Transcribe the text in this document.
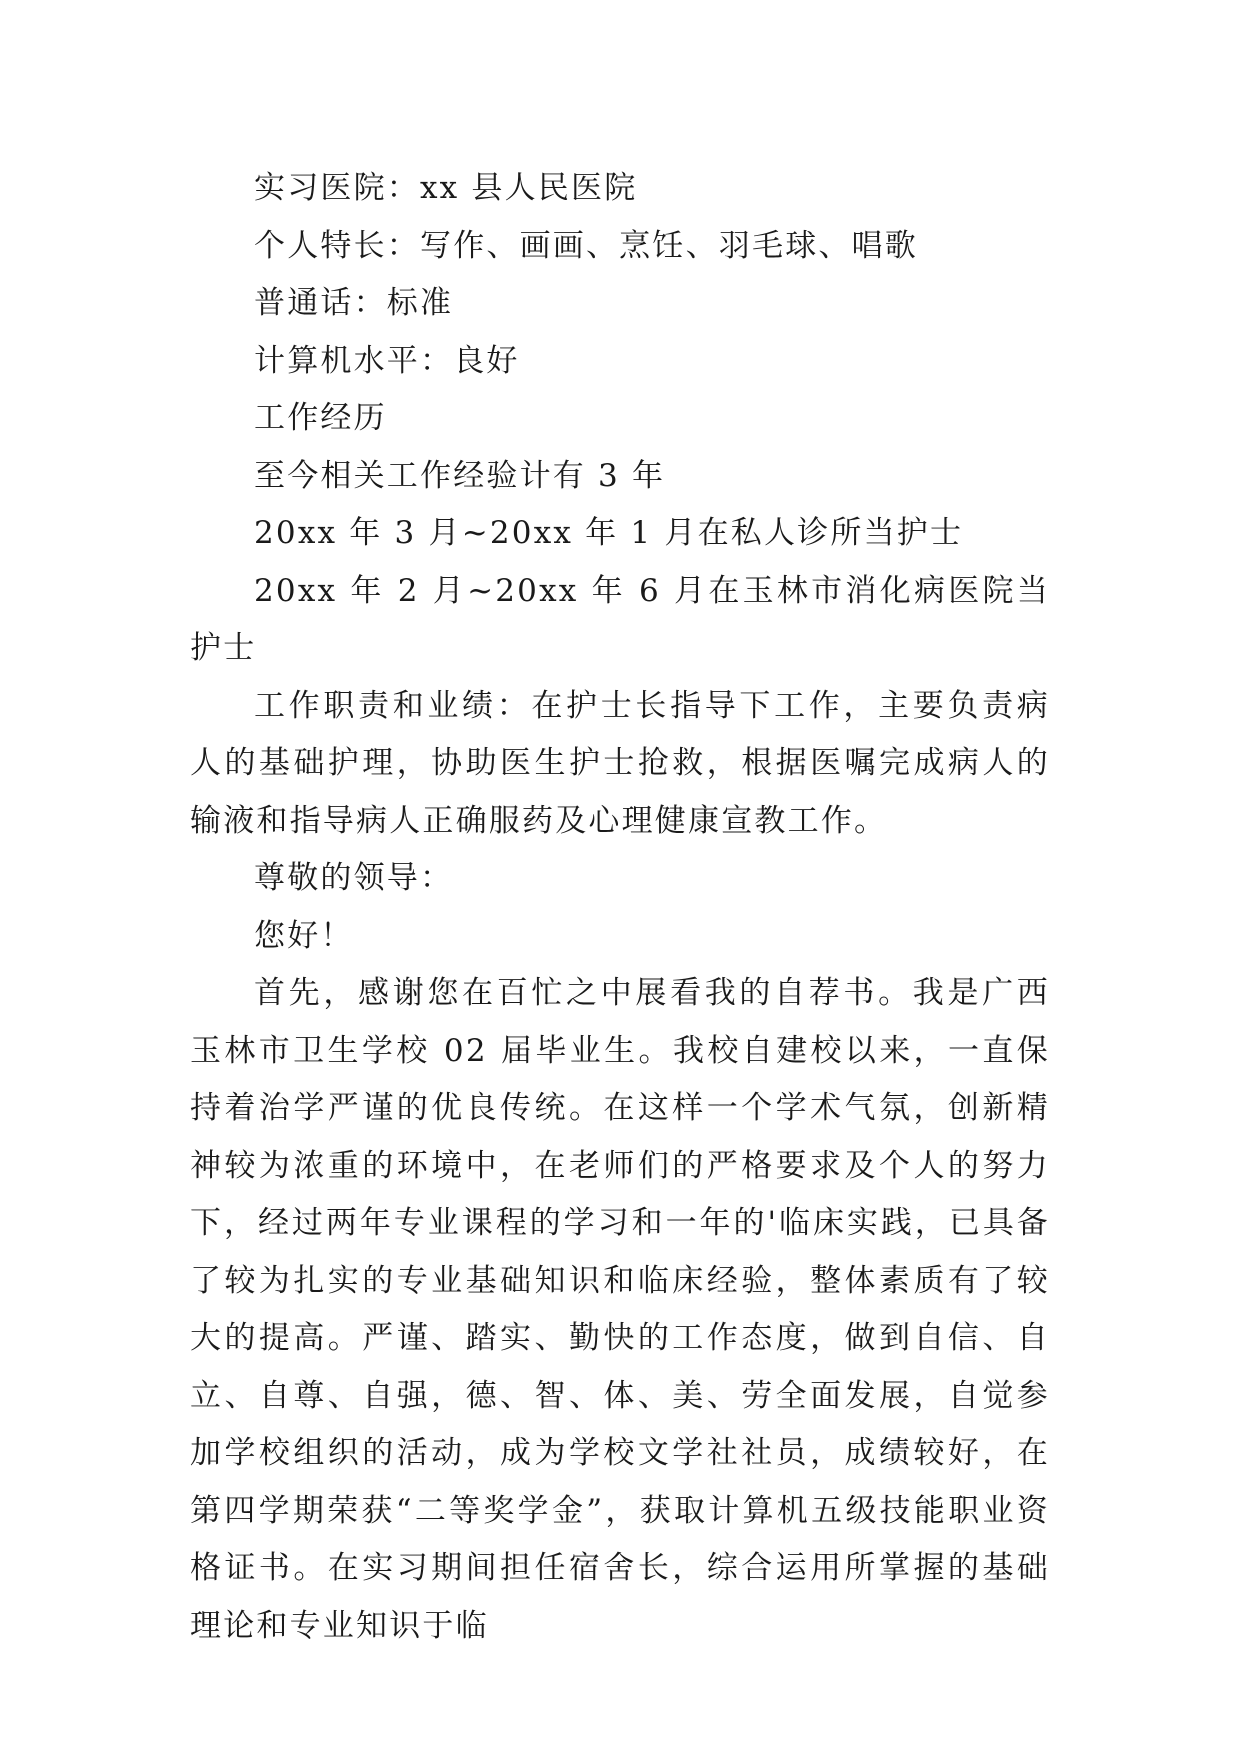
实习医院：xx 县人民医院

个人特长：写作、画画、烹饪、羽毛球、唱歌

普通话：标准

计算机水平：良好

工作经历

至今相关工作经验计有 3 年

20xx 年 3 月~20xx 年 1 月在私人诊所当护士

20xx 年 2 月~20xx 年 6 月在玉林市消化病医院当护士

工作职责和业绩：在护士长指导下工作，主要负责病人的基础护理，协助医生护士抢救，根据医嘱完成病人的输液和指导病人正确服药及心理健康宣教工作。

尊敬的领导：

您好！

首先，感谢您在百忙之中展看我的自荐书。我是广西玉林市卫生学校 02 届毕业生。我校自建校以来，一直保持着治学严谨的优良传统。在这样一个学术气氛，创新精神较为浓重的环境中，在老师们的严格要求及个人的努力下，经过两年专业课程的学习和一年的'临床实践，已具备了较为扎实的专业基础知识和临床经验，整体素质有了较大的提高。严谨、踏实、勤快的工作态度，做到自信、自立、自尊、自强，德、智、体、美、劳全面发展，自觉参加学校组织的活动，成为学校文学社社员，成绩较好，在第四学期荣获“二等奖学金”，获取计算机五级技能职业资格证书。在实习期间担任宿舍长，综合运用所掌握的基础理论和专业知识于临
